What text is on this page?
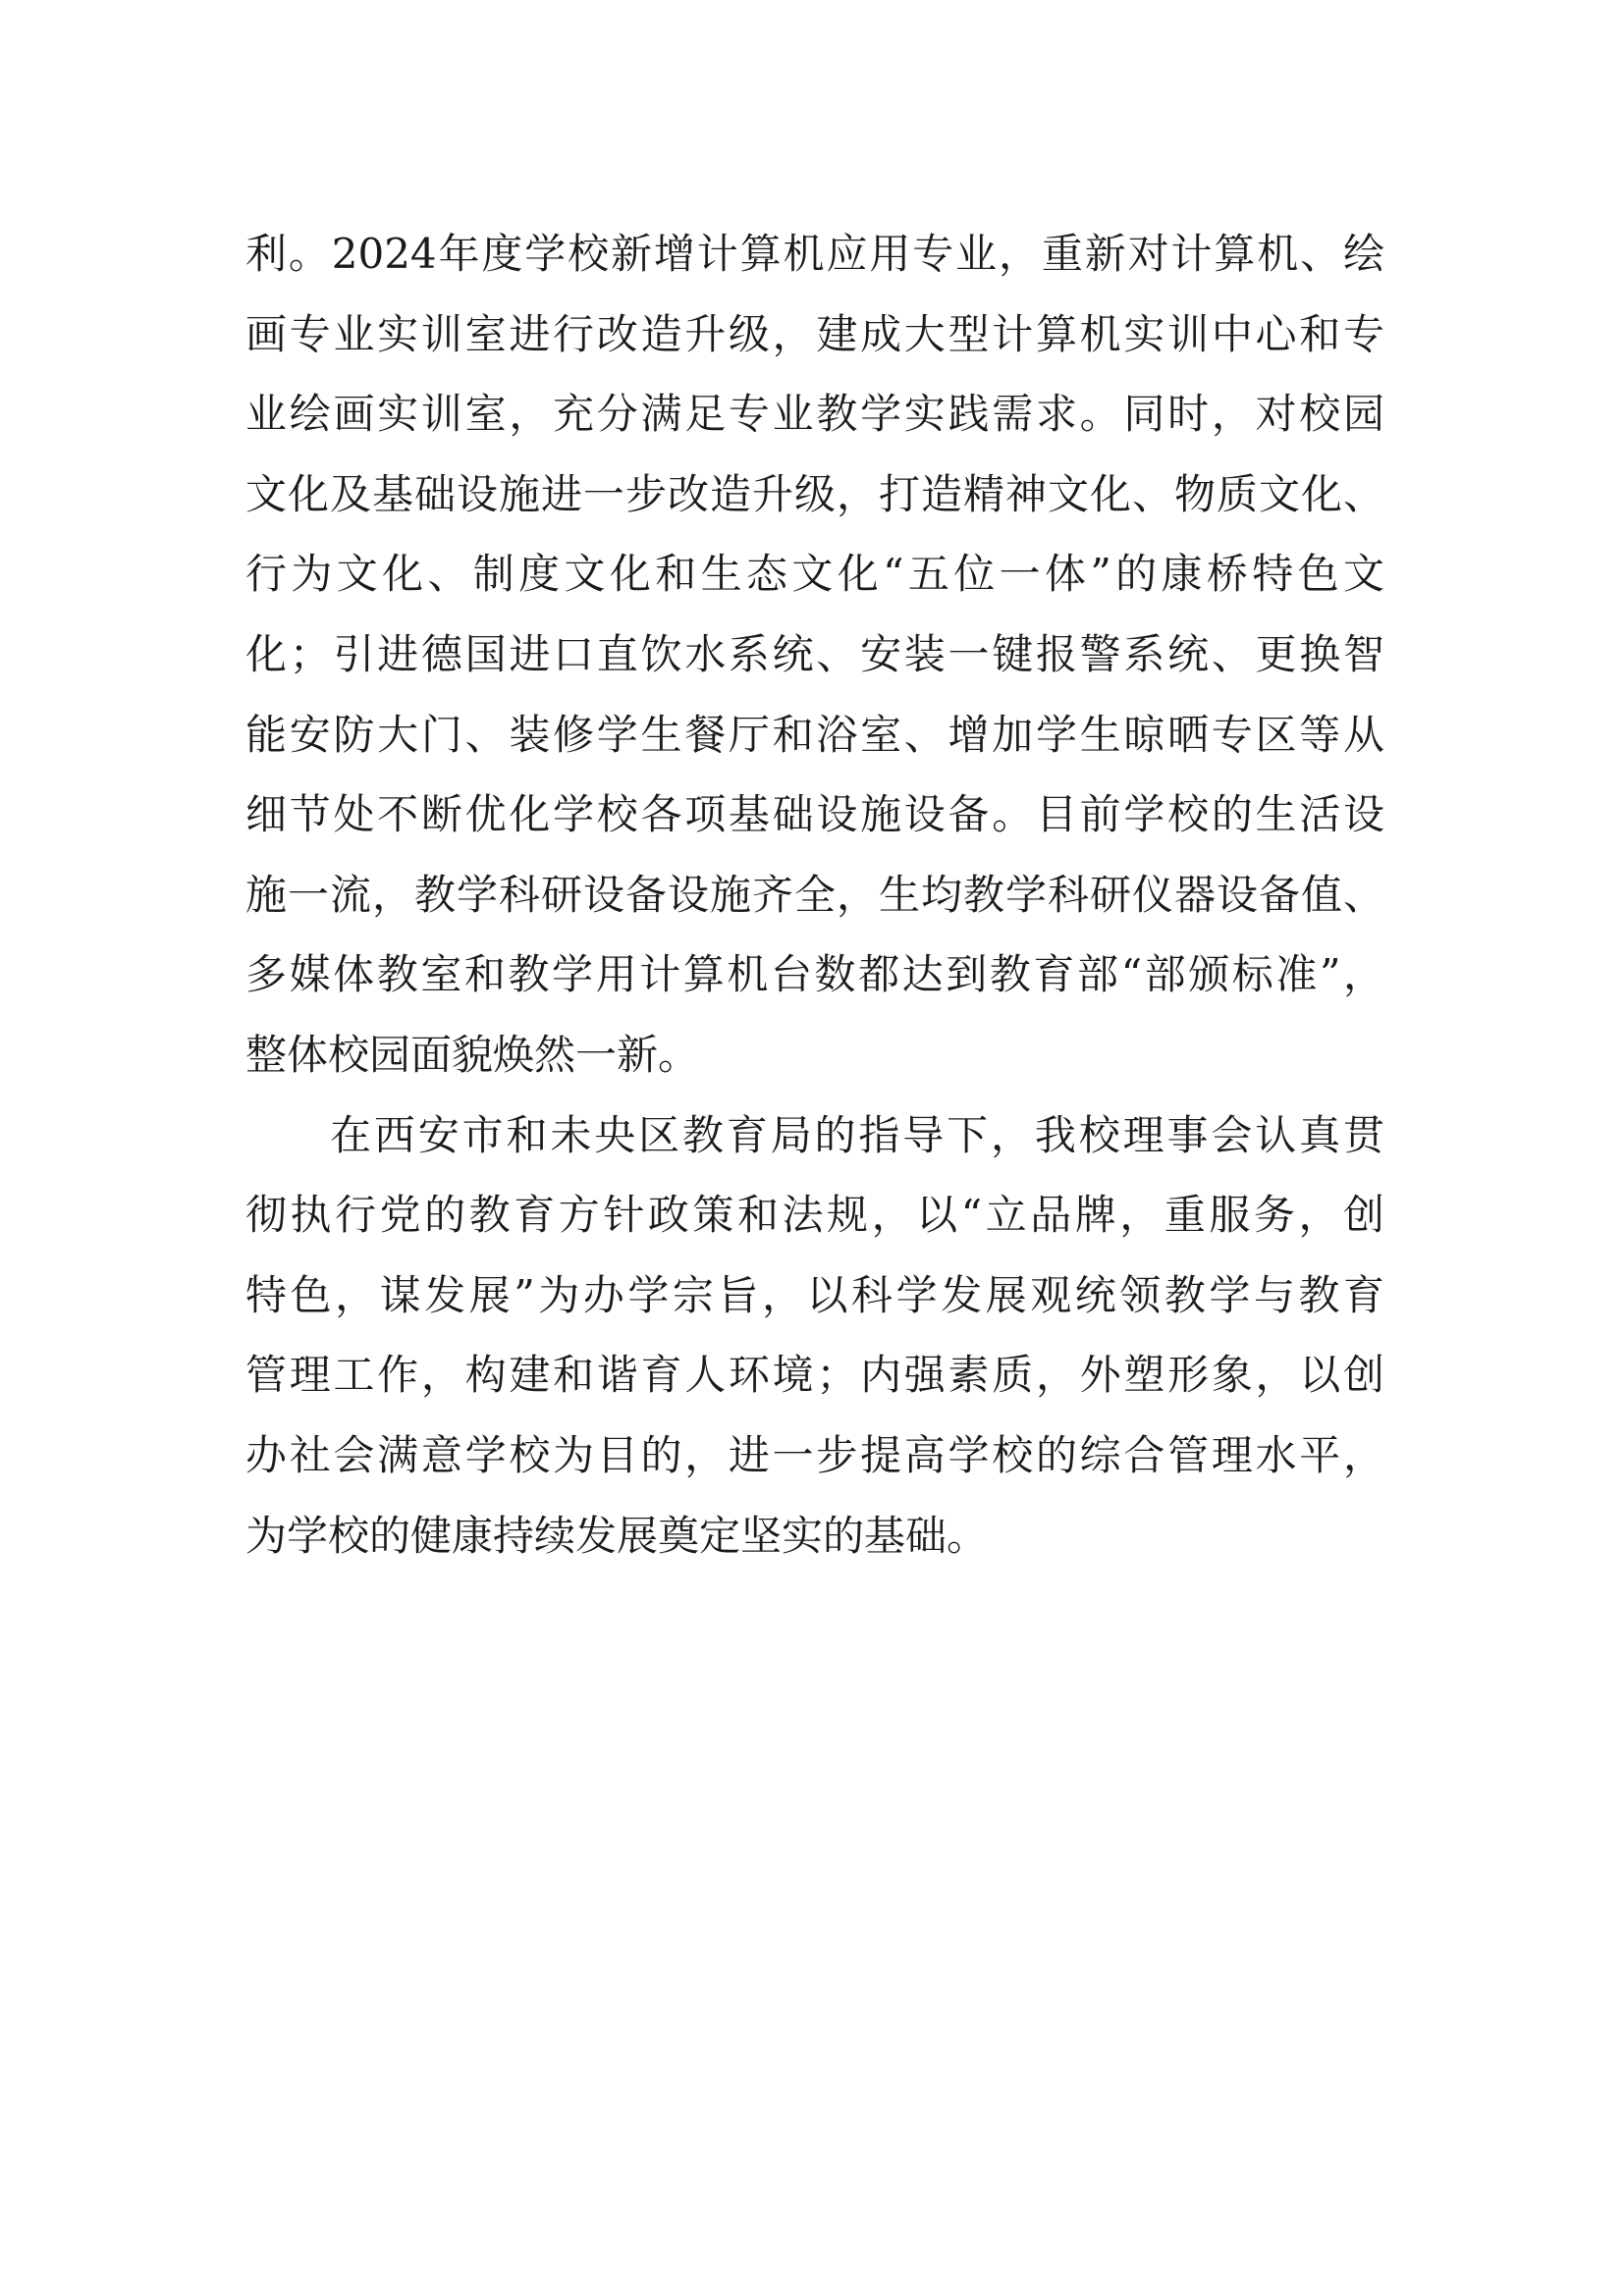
利。2024年度学校新增计算机应用专业，重新对计算机、绘
画专业实训室进行改造升级，建成大型计算机实训中心和专
业绘画实训室，充分满足专业教学实践需求。同时，对校园
文化及基础设施进一步改造升级，打造精神文化、物质文化、
行为文化、制度文化和生态文化“五位一体”的康桥特色文
化；引进德国进口直饮水系统、安装一键报警系统、更换智
能安防大门、装修学生餐厅和浴室、增加学生晾晒专区等从
细节处不断优化学校各项基础设施设备。目前学校的生活设
施一流，教学科研设备设施齐全，生均教学科研仪器设备值、
多媒体教室和教学用计算机台数都达到教育部“部颁标准”，
整体校园面貌焕然一新。
在西安市和未央区教育局的指导下，我校理事会认真贯
彻执行党的教育方针政策和法规，以“立品牌，重服务，创
特色，谋发展”为办学宗旨，以科学发展观统领教学与教育
管理工作，构建和谐育人环境；内强素质，外塑形象，以创
办社会满意学校为目的，进一步提高学校的综合管理水平，
为学校的健康持续发展奠定坚实的基础。
